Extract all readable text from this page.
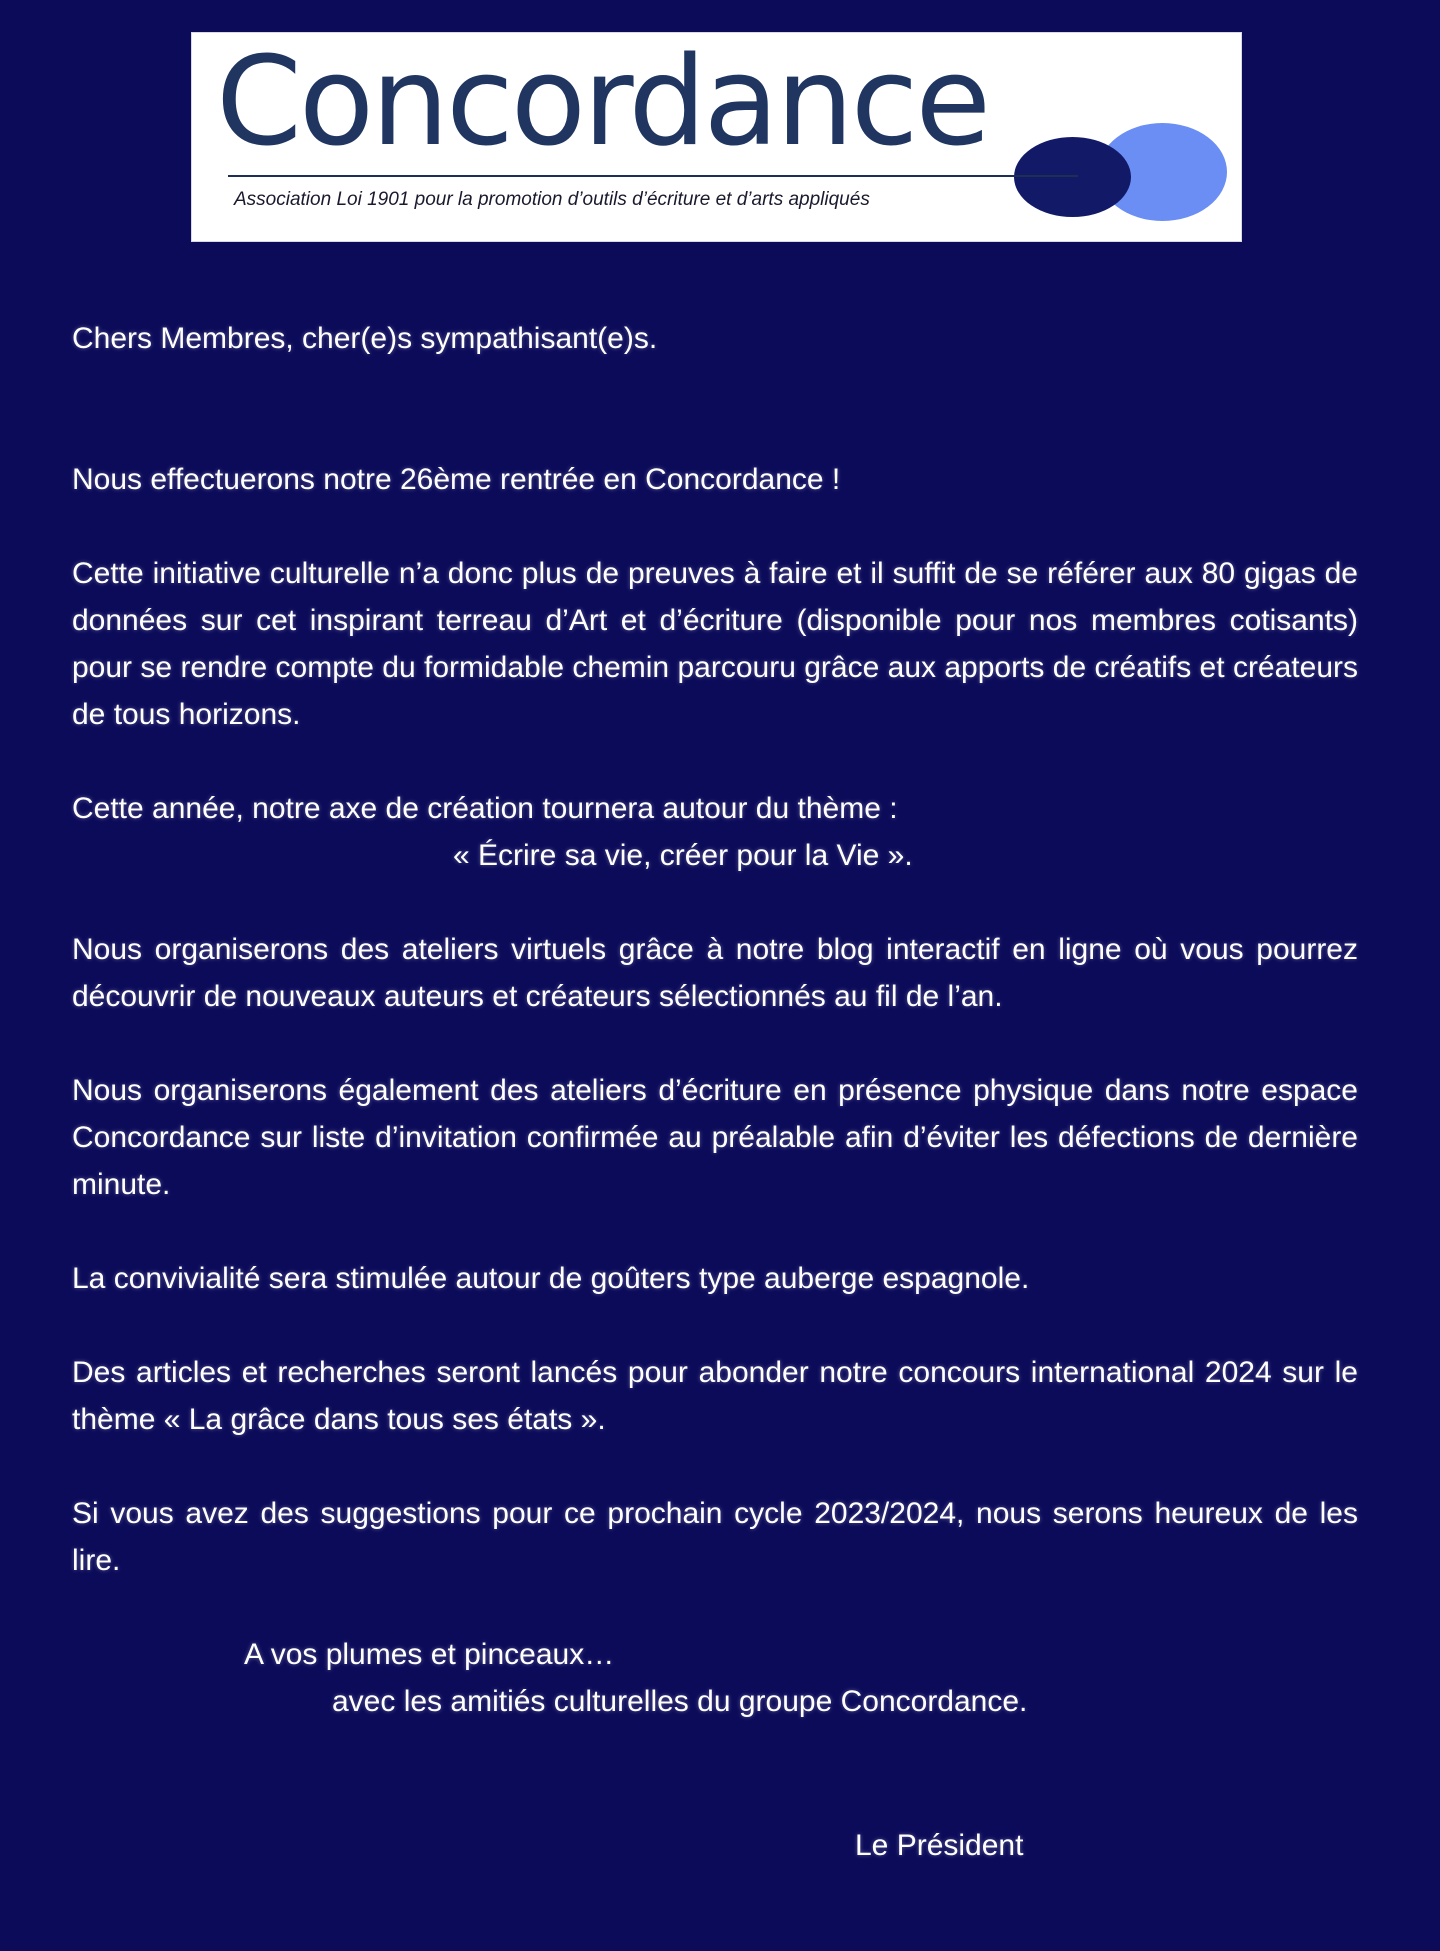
Concordance
Association Loi 1901 pour la promotion d’outils d’écriture et d’arts appliqués

Chers Membres, cher(e)s sympathisant(e)s.

Nous effectuerons notre 26ème rentrée en Concordance !

Cette initiative culturelle n’a donc plus de preuves à faire et il suffit de se référer aux 80 gigas de données sur cet inspirant terreau d’Art et d’écriture (disponible pour nos membres cotisants) pour se rendre compte du formidable chemin parcouru grâce aux apports de créatifs et créateurs de tous horizons.

Cette année, notre axe de création tournera autour du thème :

« Écrire sa vie, créer pour la Vie ».

Nous organiserons des ateliers virtuels grâce à notre blog interactif en ligne où vous pourrez découvrir de nouveaux auteurs et créateurs sélectionnés au fil de l’an.

Nous organiserons également des ateliers d’écriture en présence physique dans notre espace Concordance sur liste d’invitation confirmée au préalable afin d’éviter les défections de dernière minute.

La convivialité sera stimulée autour de goûters type auberge espagnole.

Des articles et recherches seront lancés pour abonder notre concours international 2024 sur le thème « La grâce dans tous ses états ».

Si vous avez des suggestions pour ce prochain cycle 2023/2024, nous serons heureux de les lire.

A vos plumes et pinceaux…

avec les amitiés culturelles du groupe Concordance.

Le Président
